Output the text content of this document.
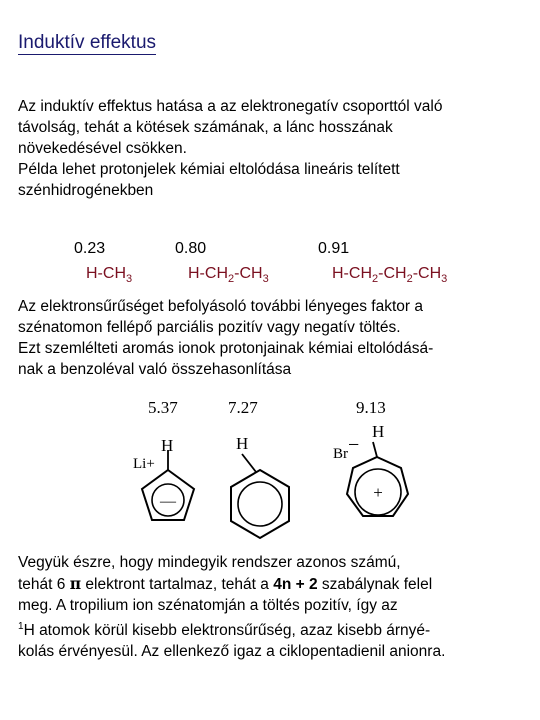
Induktív effektus

Az induktív effektus hatása a az elektronegatív csoporttól való

távolság, tehát a kötések számának, a lánc hosszának

növekedésével csökken.

Példa lehet protonjelek kémiai eltolódása lineáris telített

szénhidrogénekben

0.23	0.80	0.91
$H-CH_3$	$H-CH_2-CH_3$	$H-CH_2-CH_2-CH_3$

Az elektronsűrűséget befolyásoló további lényeges faktor a

szénatomon fellépő parciális pozitív vagy negatív töltés.

Ezt szemlélteti aromás ionok protonjainak kémiai eltolódásá-

nak a benzoléval való összehasonlítása

5.37	7.27	9.13
H
Li+
—
H
H
Br−
+
Vegyük észre, hogy mindegyik rendszer azonos számú,
tehát 6 π elektront tartalmaz, tehát a 4n + 2 szabálynak felel
meg. A tropilium ion szénatomján a töltés pozitív, így az
$^1$H atomok körül kisebb elektronsűrűség, azaz kisebb árnyé-
kolás érvényesül. Az ellenkező igaz a ciklopentadienil anionra.
